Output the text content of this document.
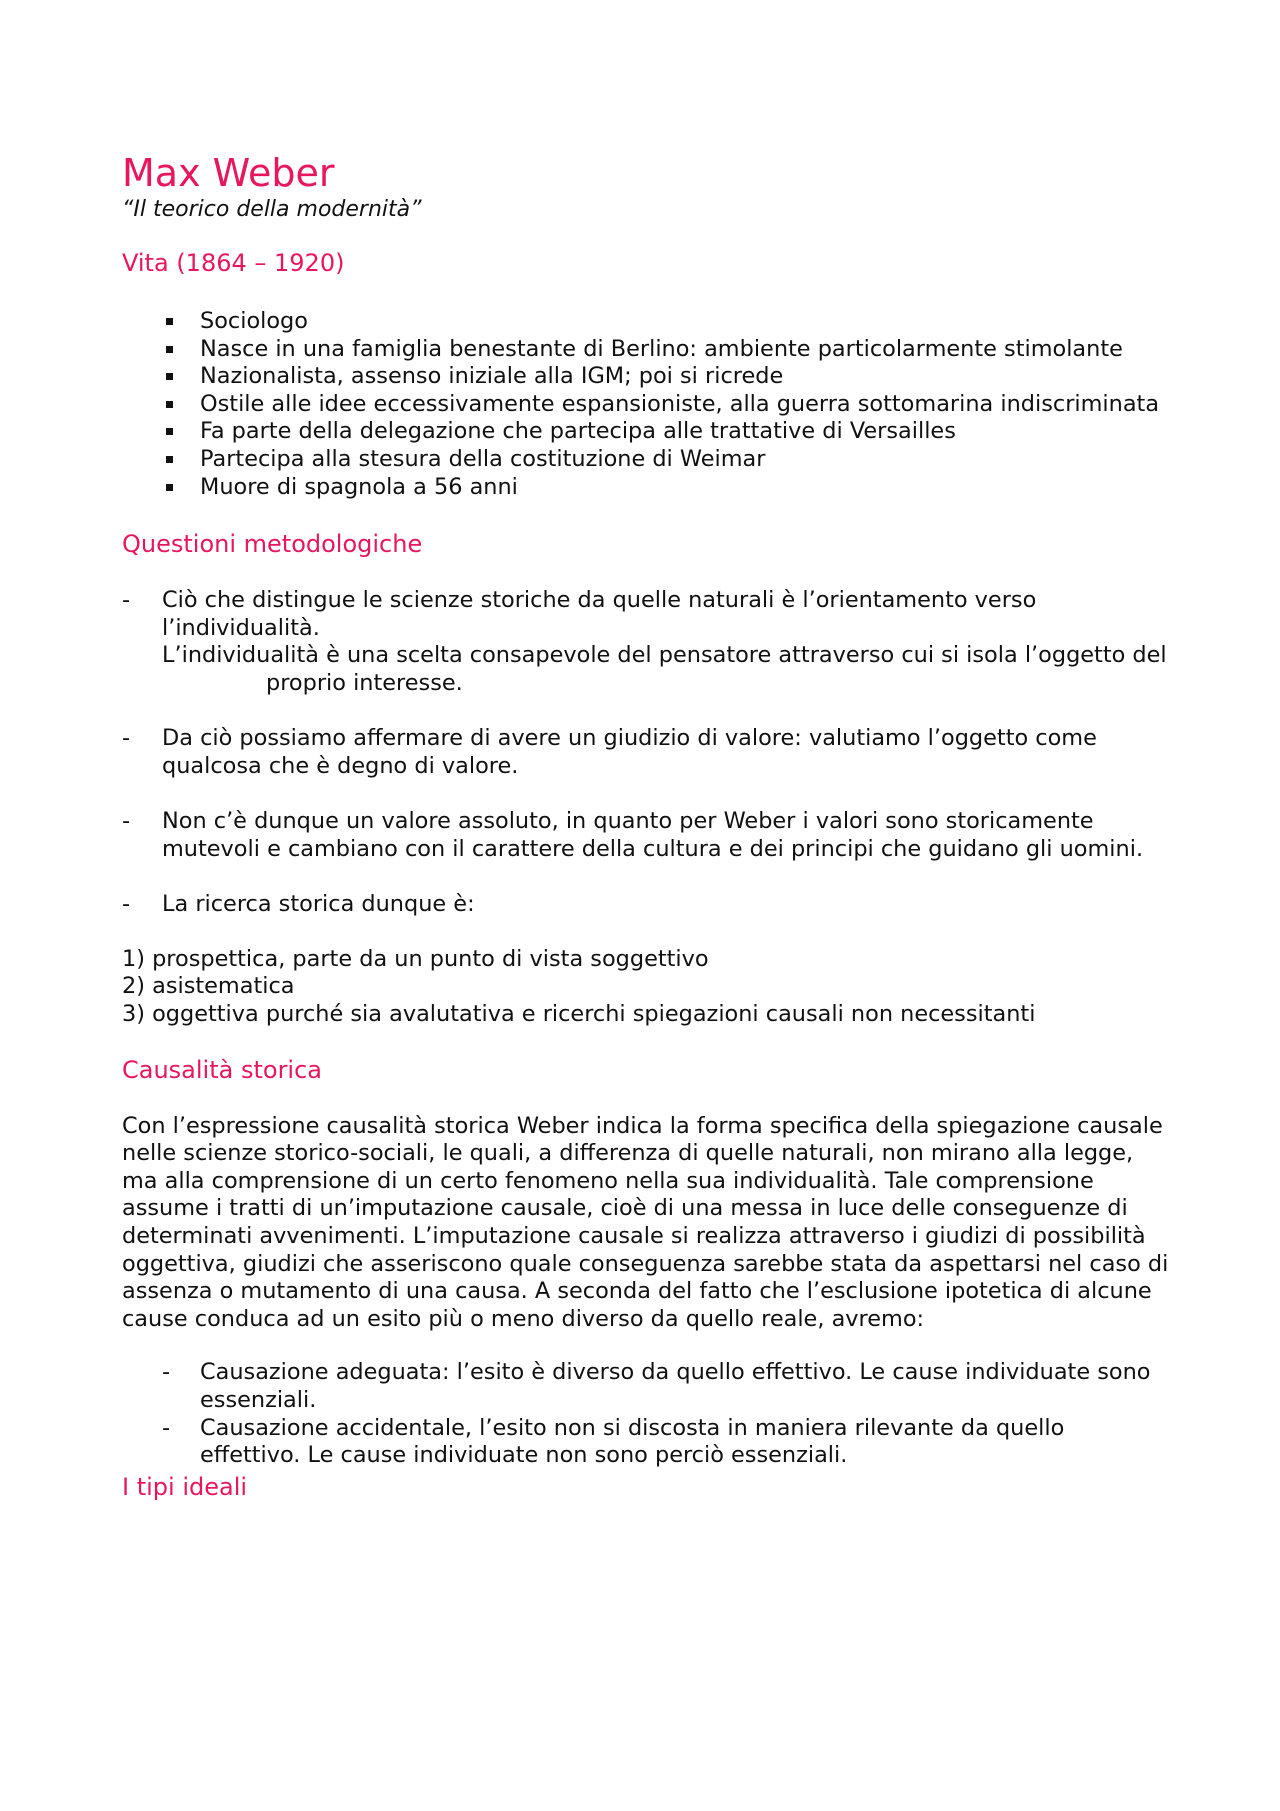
Max Weber

“Il teorico della modernità”

Vita (1864 – 1920)
Sociologo
Nasce in una famiglia benestante di Berlino: ambiente particolarmente stimolante
Nazionalista, assenso iniziale alla IGM; poi si ricrede
Ostile alle idee eccessivamente espansioniste, alla guerra sottomarina indiscriminata
Fa parte della delegazione che partecipa alle trattative di Versailles
Partecipa alla stesura della costituzione di Weimar
Muore di spagnola a 56 anni
Questioni metodologiche
- Ciò che distingue le scienze storiche da quelle naturali è l’orientamento verso l’individualità.
L’individualità è una scelta consapevole del pensatore attraverso cui si isola l’oggetto delproprio interesse.
- Da ciò possiamo affermare di avere un giudizio di valore: valutiamo l’oggetto come qualcosa che è degno di valore.
- Non c’è dunque un valore assoluto, in quanto per Weber i valori sono storicamente mutevoli e cambiano con il carattere della cultura e dei principi che guidano gli uomini.
- La ricerca storica dunque è:
1) prospettica, parte da un punto di vista soggettivo
2) asistematica
3) oggettiva purché sia avalutativa e ricerchi spiegazioni causali non necessitanti
Causalità storica

Con l’espressione causalità storica Weber indica la forma specifica della spiegazione causale nelle scienze storico-sociali, le quali, a differenza di quelle naturali, non mirano alla legge, ma alla comprensione di un certo fenomeno nella sua individualità. Tale comprensione assume i tratti di un’imputazione causale, cioè di una messa in luce delle conseguenze di determinati avvenimenti. L’imputazione causale si realizza attraverso i giudizi di possibilità oggettiva, giudizi che asseriscono quale conseguenza sarebbe stata da aspettarsi nel caso di assenza o mutamento di una causa. A seconda del fatto che l’esclusione ipotetica di alcune cause conduca ad un esito più o meno diverso da quello reale, avremo:

- Causazione adeguata: l’esito è diverso da quello effettivo. Le cause individuate sono essenziali.
- Causazione accidentale, l’esito non si discosta in maniera rilevante da quello effettivo. Le cause individuate non sono perciò essenziali.
I tipi ideali
